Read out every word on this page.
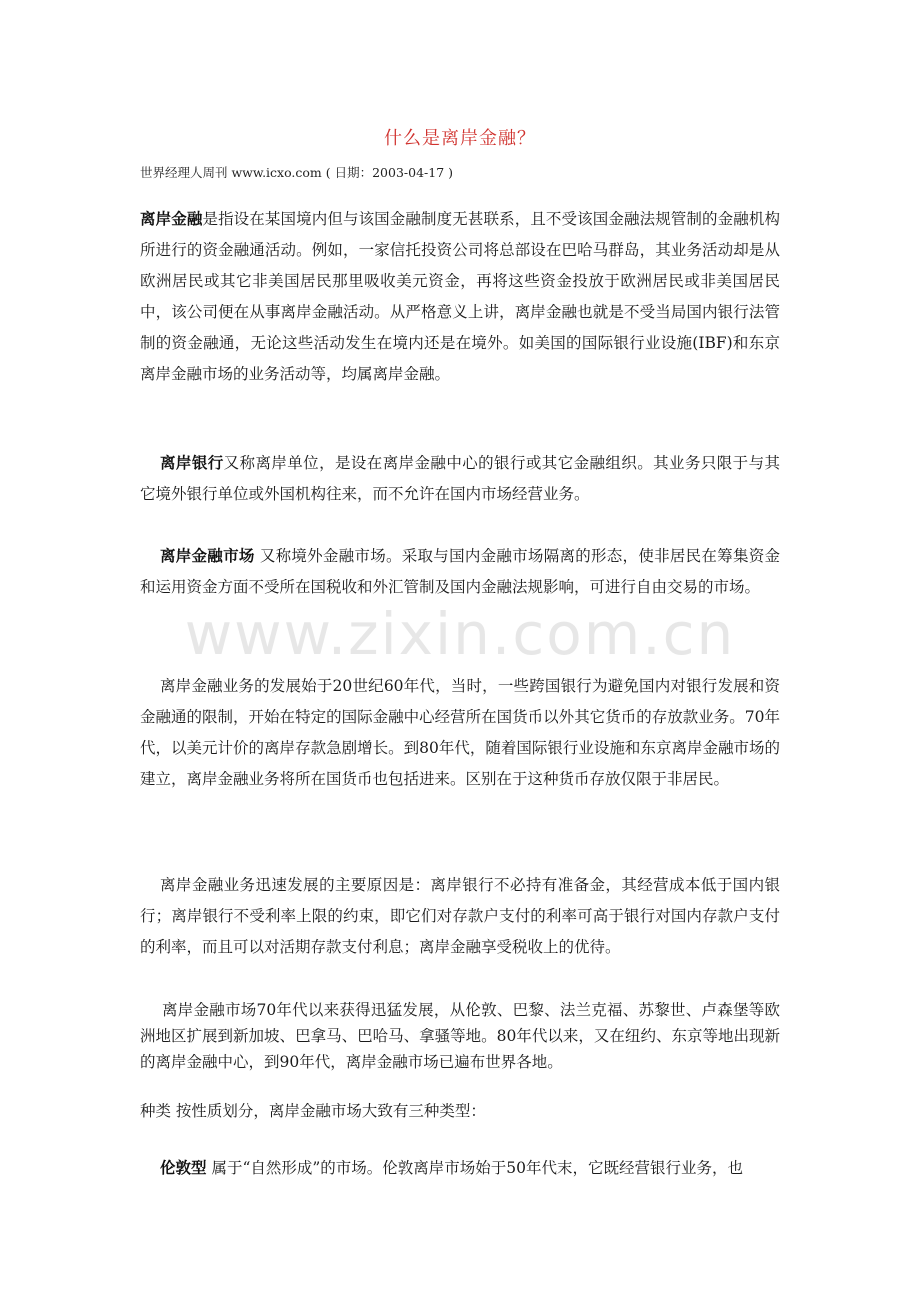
什么是离岸金融？
世界经理人周刊 www.icxo.com ( 日期：2003-04-17 )

离岸金融是指设在某国境内但与该国金融制度无甚联系，且不受该国金融法规管制的金融机构所进行的资金融通活动。例如，一家信托投资公司将总部设在巴哈马群岛，其业务活动却是从欧洲居民或其它非美国居民那里吸收美元资金，再将这些资金投放于欧洲居民或非美国居民中，该公司便在从事离岸金融活动。从严格意义上讲，离岸金融也就是不受当局国内银行法管制的资金融通，无论这些活动发生在境内还是在境外。如美国的国际银行业设施(IBF)和东京离岸金融市场的业务活动等，均属离岸金融。

离岸银行又称离岸单位，是设在离岸金融中心的银行或其它金融组织。其业务只限于与其它境外银行单位或外国机构往来，而不允许在国内市场经营业务。

离岸金融市场 又称境外金融市场。采取与国内金融市场隔离的形态，使非居民在筹集资金和运用资金方面不受所在国税收和外汇管制及国内金融法规影响，可进行自由交易的市场。

离岸金融业务的发展始于20世纪60年代，当时，一些跨国银行为避免国内对银行发展和资金融通的限制，开始在特定的国际金融中心经营所在国货币以外其它货币的存放款业务。70年代，以美元计价的离岸存款急剧增长。到80年代，随着国际银行业设施和东京离岸金融市场的建立，离岸金融业务将所在国货币也包括进来。区别在于这种货币存放仅限于非居民。

离岸金融业务迅速发展的主要原因是：离岸银行不必持有准备金，其经营成本低于国内银行；离岸银行不受利率上限的约束，即它们对存款户支付的利率可高于银行对国内存款户支付的利率，而且可以对活期存款支付利息；离岸金融享受税收上的优待。

离岸金融市场70年代以来获得迅猛发展，从伦敦、巴黎、法兰克福、苏黎世、卢森堡等欧洲地区扩展到新加坡、巴拿马、巴哈马、拿骚等地。80年代以来，又在纽约、东京等地出现新的离岸金融中心，到90年代，离岸金融市场已遍布世界各地。

种类 按性质划分，离岸金融市场大致有三种类型：

伦敦型 属于“自然形成”的市场。伦敦离岸市场始于50年代末，它既经营银行业务，也

www.zixin.com.cn
